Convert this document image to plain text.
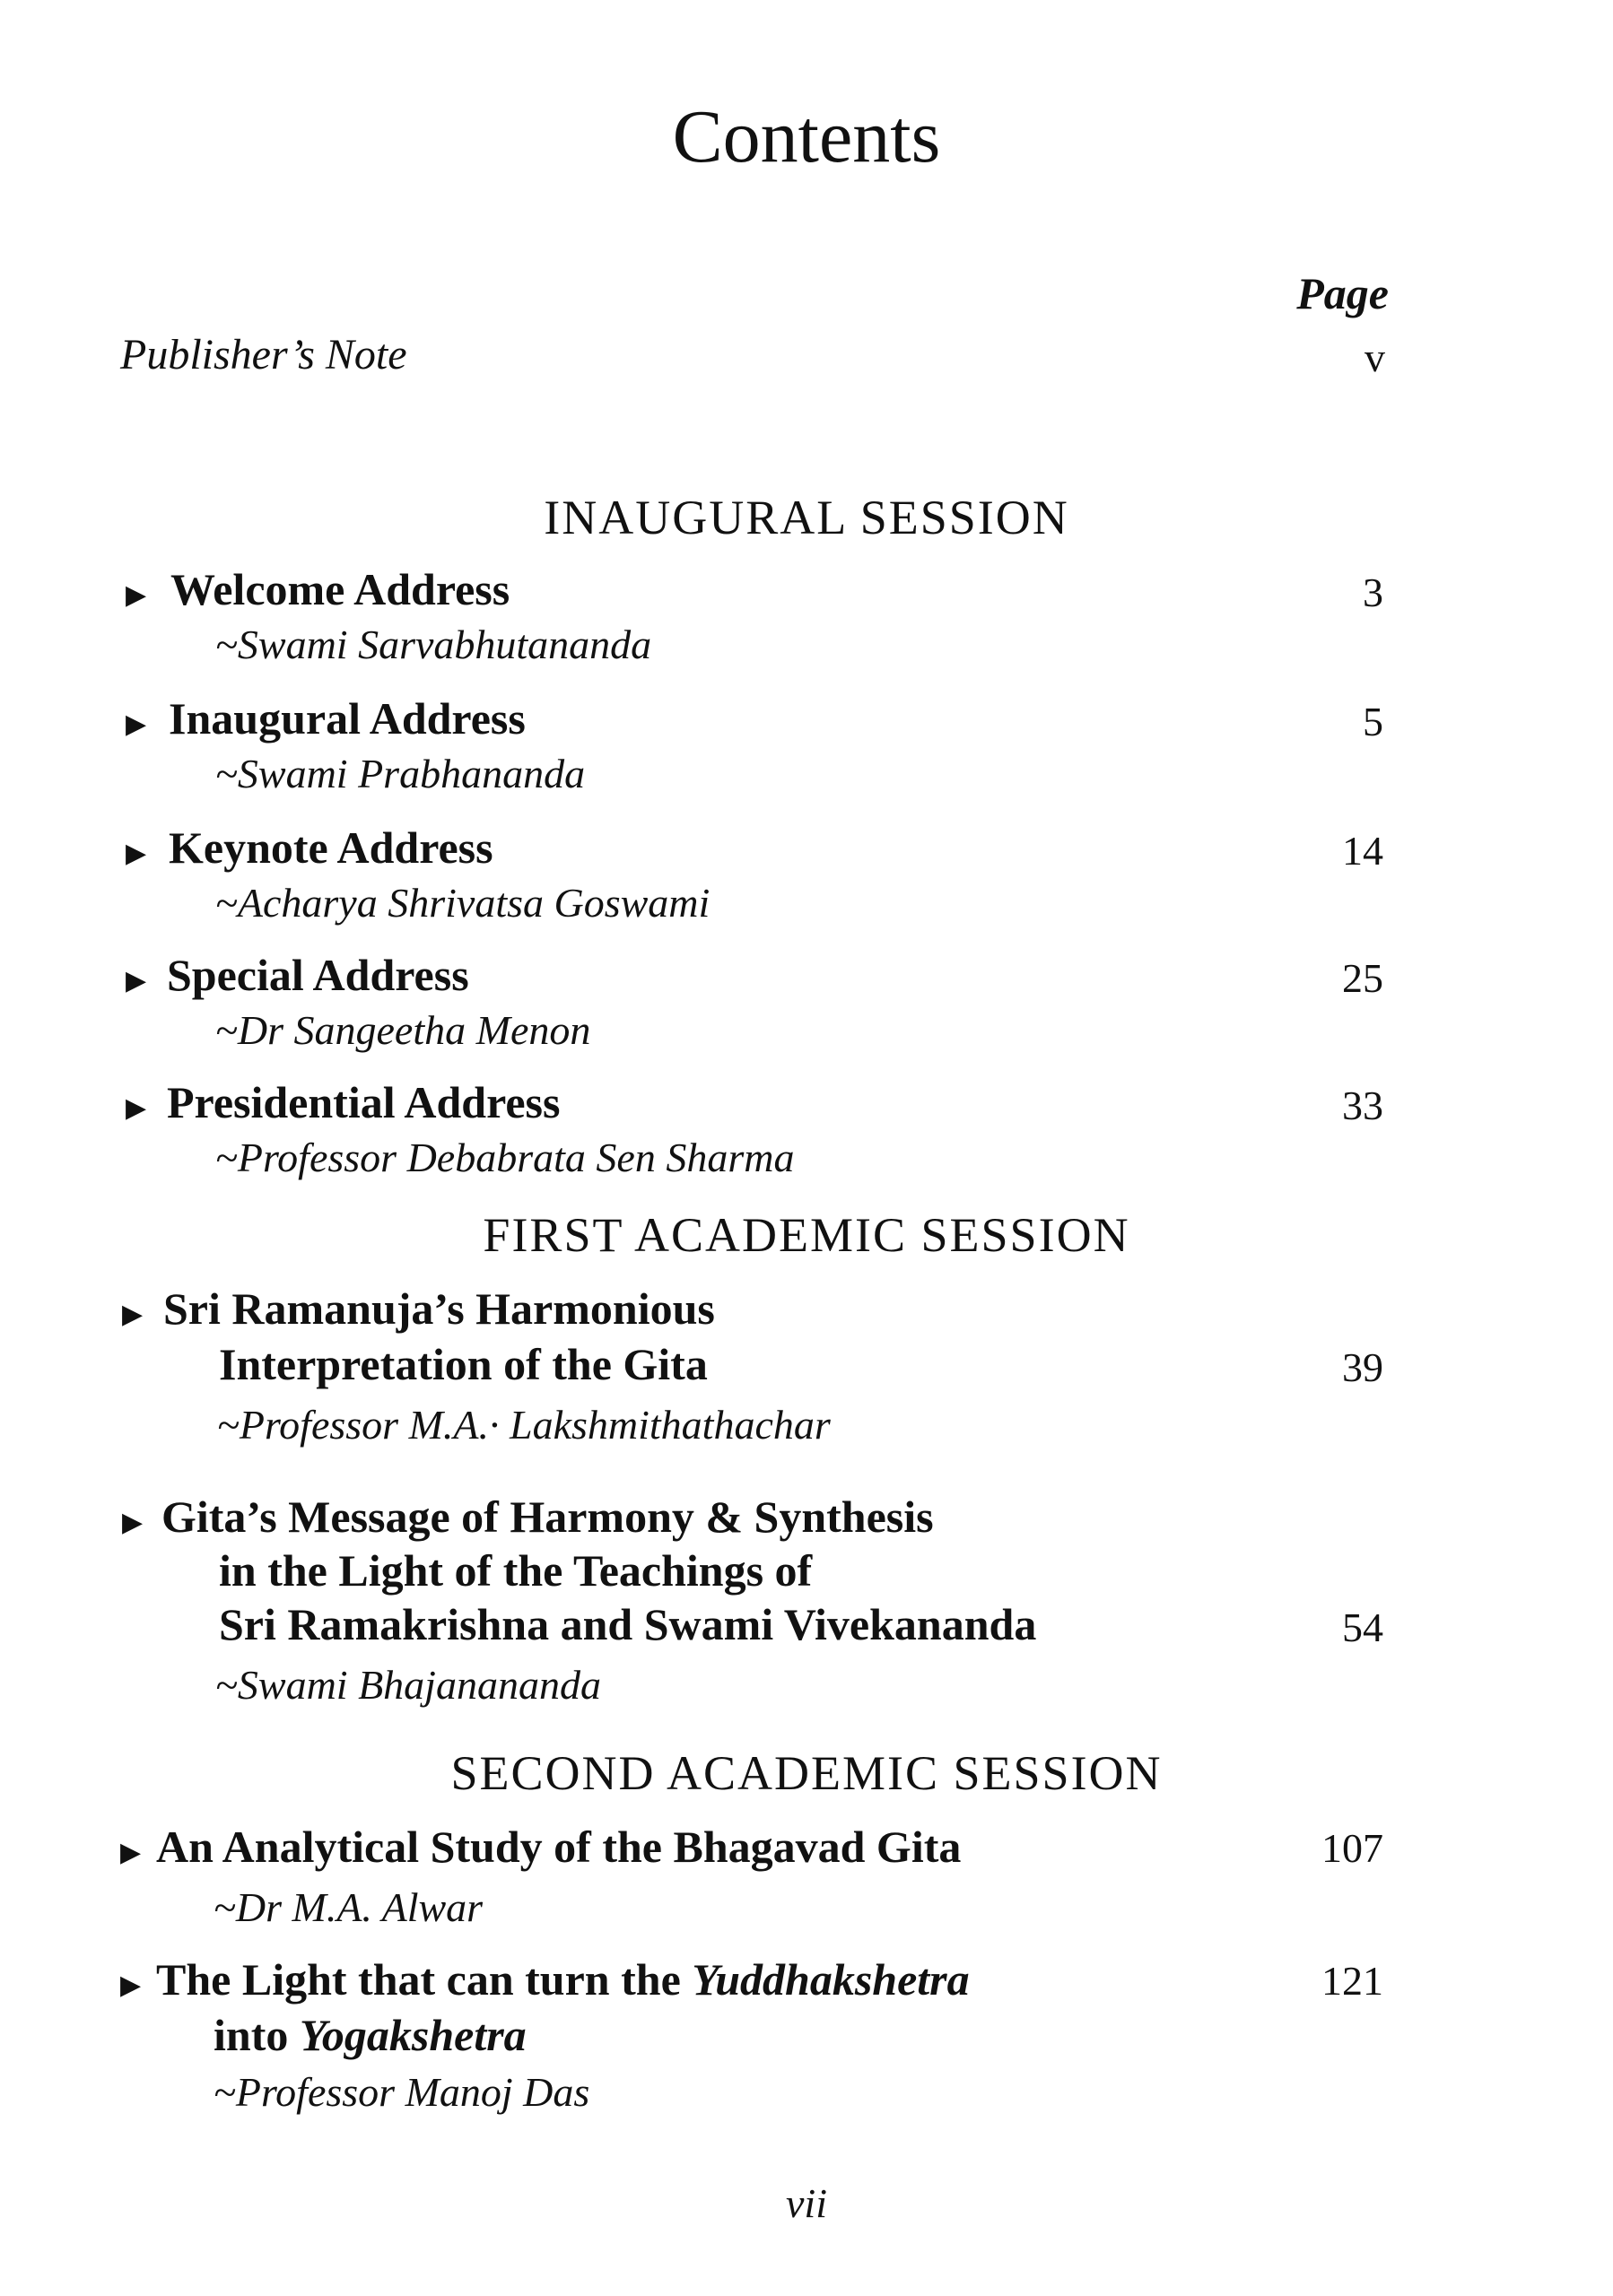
Contents
Page
Publisher’s Note	v
INAUGURAL SESSION
▶ Welcome Address
~Swami Sarvabhutananda
3
▶ Inaugural Address
~Swami Prabhananda
5
▶ Keynote Address
~Acharya Shrivatsa Goswami
14
▶ Special Address
~Dr Sangeetha Menon
25
▶ Presidential Address
~Professor Debabrata Sen Sharma
33
FIRST ACADEMIC SESSION
▶ Sri Ramanuja’s Harmonious
Interpretation of the Gita
~Professor M.A.· Lakshmithathachar
39
▶ Gita’s Message of Harmony & Synthesis
in the Light of the Teachings of
Sri Ramakrishna and Swami Vivekananda
~Swami Bhajanananda
54
SECOND ACADEMIC SESSION
▶ An Analytical Study of the Bhagavad Gita
~Dr M.A. Alwar
107
▶ The Light that can turn the Yuddhakshetra
into Yogakshetra
~Professor Manoj Das
121
vii
